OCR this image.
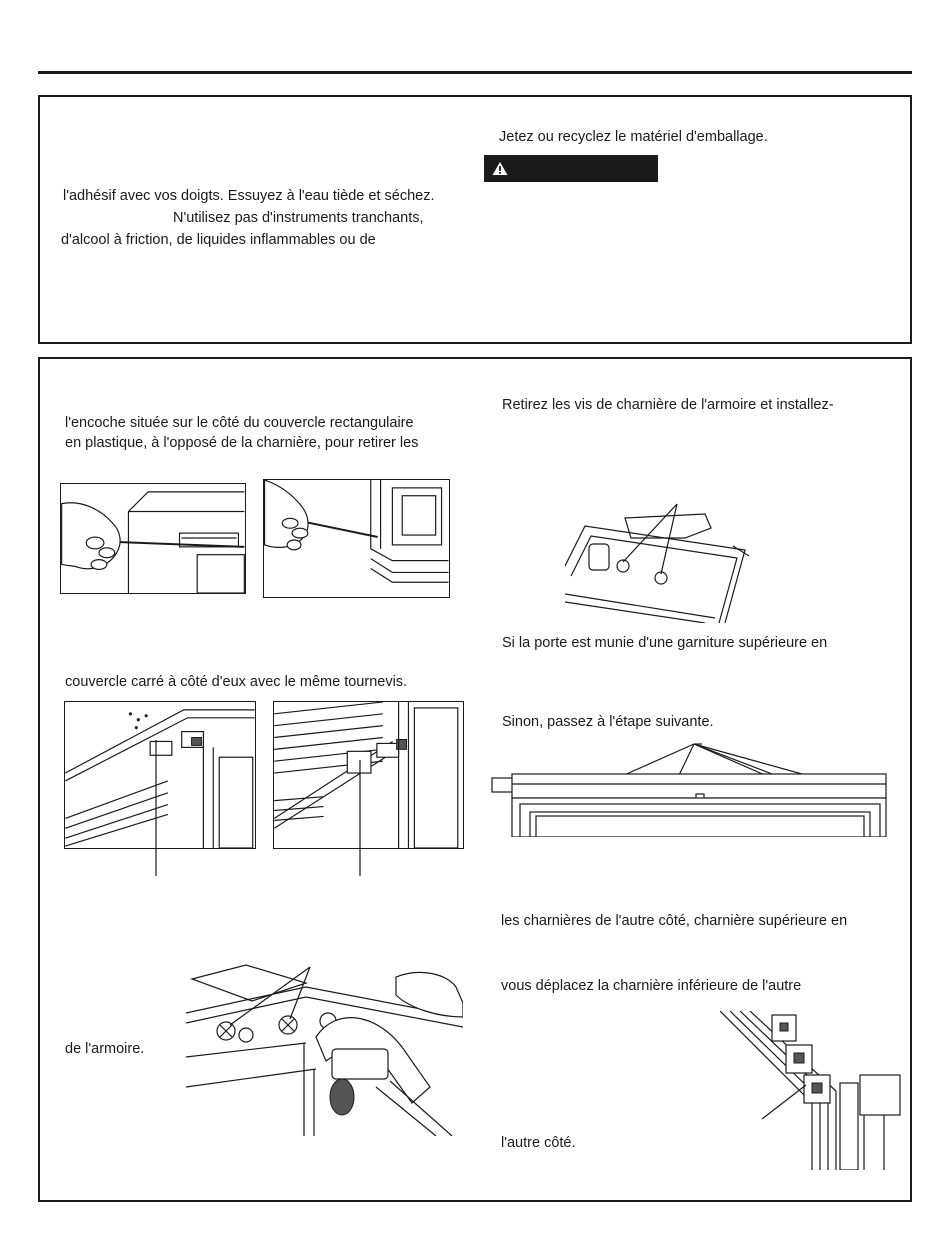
l'adhésif avec vos doigts. Essuyez à l'eau tiède et séchez.
N'utilisez pas d'instruments tranchants,
d'alcool à friction, de liquides inflammables ou de
Jetez ou recyclez le matériel d'emballage.
l'encoche située sur le côté du couvercle rectangulaire
en plastique, à l'opposé de la charnière, pour retirer les
Retirez les vis de charnière de l'armoire et installez-
Si la porte est munie d'une garniture supérieure en
couvercle carré à côté d'eux avec le même tournevis.
Sinon, passez à l'étape suivante.
les charnières de l'autre côté, charnière supérieure en
vous déplacez la charnière inférieure de l'autre
de l'armoire.
l'autre côté.
